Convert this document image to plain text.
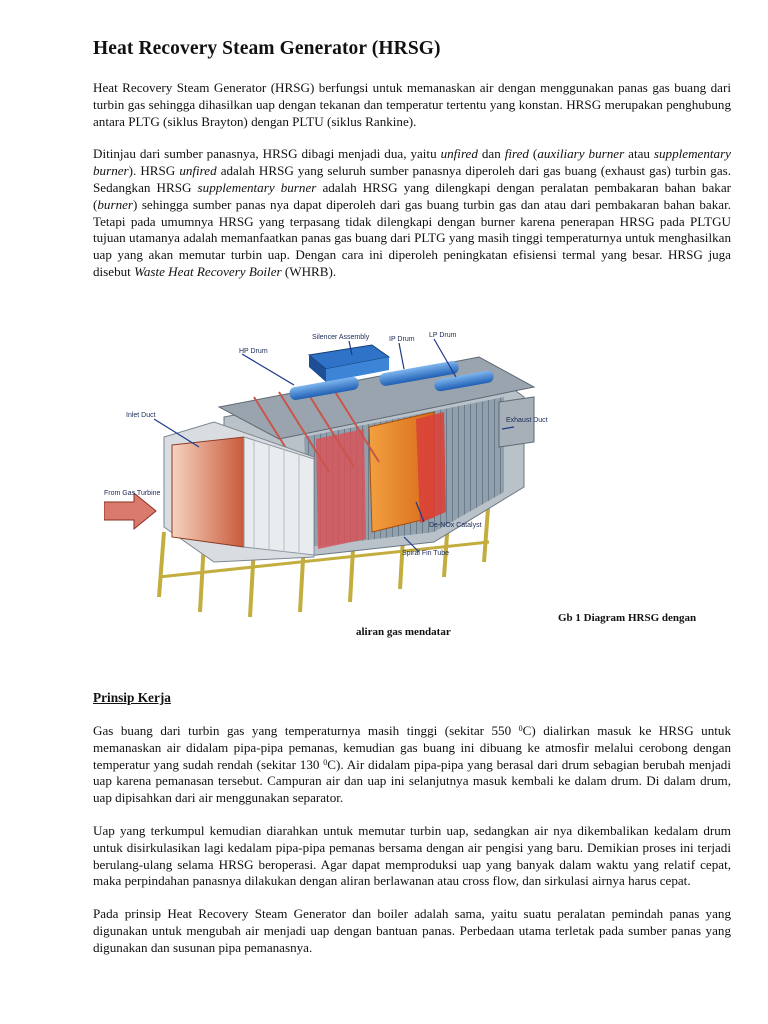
Heat Recovery Steam Generator (HRSG)

Heat Recovery Steam Generator (HRSG) berfungsi untuk memanaskan air dengan menggunakan panas gas buang dari turbin gas sehingga dihasilkan uap dengan tekanan dan temperatur tertentu yang konstan. HRSG merupakan penghubung antara PLTG (siklus Brayton) dengan PLTU (siklus Rankine).

Ditinjau dari sumber panasnya, HRSG dibagi menjadi dua, yaitu unfired dan fired (auxiliary burner atau supplementary burner). HRSG unfired adalah HRSG yang seluruh sumber panasnya diperoleh dari gas buang (exhaust gas) turbin gas. Sedangkan HRSG supplementary burner adalah HRSG yang dilengkapi dengan peralatan pembakaran bahan bakar (burner) sehingga sumber panas nya dapat diperoleh dari gas buang turbin gas dan atau dari pembakaran bahan bakar. Tetapi pada umumnya HRSG yang terpasang tidak dilengkapi dengan burner karena penerapan HRSG pada PLTGU tujuan utamanya adalah memanfaatkan panas gas buang dari PLTG yang masih tinggi temperaturnya untuk menghasilkan uap yang akan memutar turbin uap. Dengan cara ini diperoleh peningkatan efisiensi termal yang besar. HRSG juga disebut Waste Heat Recovery Boiler (WHRB).

Silencer Assembly	IP Drum
LP Drum
HP Drum
Inlet Duct
Exhaust Duct
From Gas Turbine
De-NOx Catalyst
Spiral Fin Tube
Gb 1 Diagram HRSG dengan
aliran gas mendatar
Prinsip Kerja

Gas buang dari turbin gas yang temperaturnya masih tinggi (sekitar 550 $^0$C) dialirkan masuk ke HRSG untuk memanaskan air didalam pipa-pipa pemanas, kemudian gas buang ini dibuang ke atmosfir melalui cerobong dengan temperatur yang sudah rendah (sekitar 130 $^0$C). Air didalam pipa-pipa yang berasal dari drum sebagian berubah menjadi uap karena pemanasan tersebut. Campuran air dan uap ini selanjutnya masuk kembali ke dalam drum. Di dalam drum, uap dipisahkan dari air menggunakan separator.

Uap yang terkumpul kemudian diarahkan untuk memutar turbin uap, sedangkan air nya dikembalikan kedalam drum untuk disirkulasikan lagi kedalam pipa-pipa pemanas bersama dengan air pengisi yang baru. Demikian proses ini terjadi berulang-ulang selama HRSG beroperasi. Agar dapat memproduksi uap yang banyak dalam waktu yang relatif cepat, maka perpindahan panasnya dilakukan dengan aliran berlawanan atau cross flow, dan sirkulasi airnya harus cepat.

Pada prinsip Heat Recovery Steam Generator dan boiler adalah sama, yaitu suatu peralatan pemindah panas yang digunakan untuk mengubah air menjadi uap dengan bantuan panas. Perbedaan utama terletak pada sumber panas yang digunakan dan susunan pipa pemanasnya.
